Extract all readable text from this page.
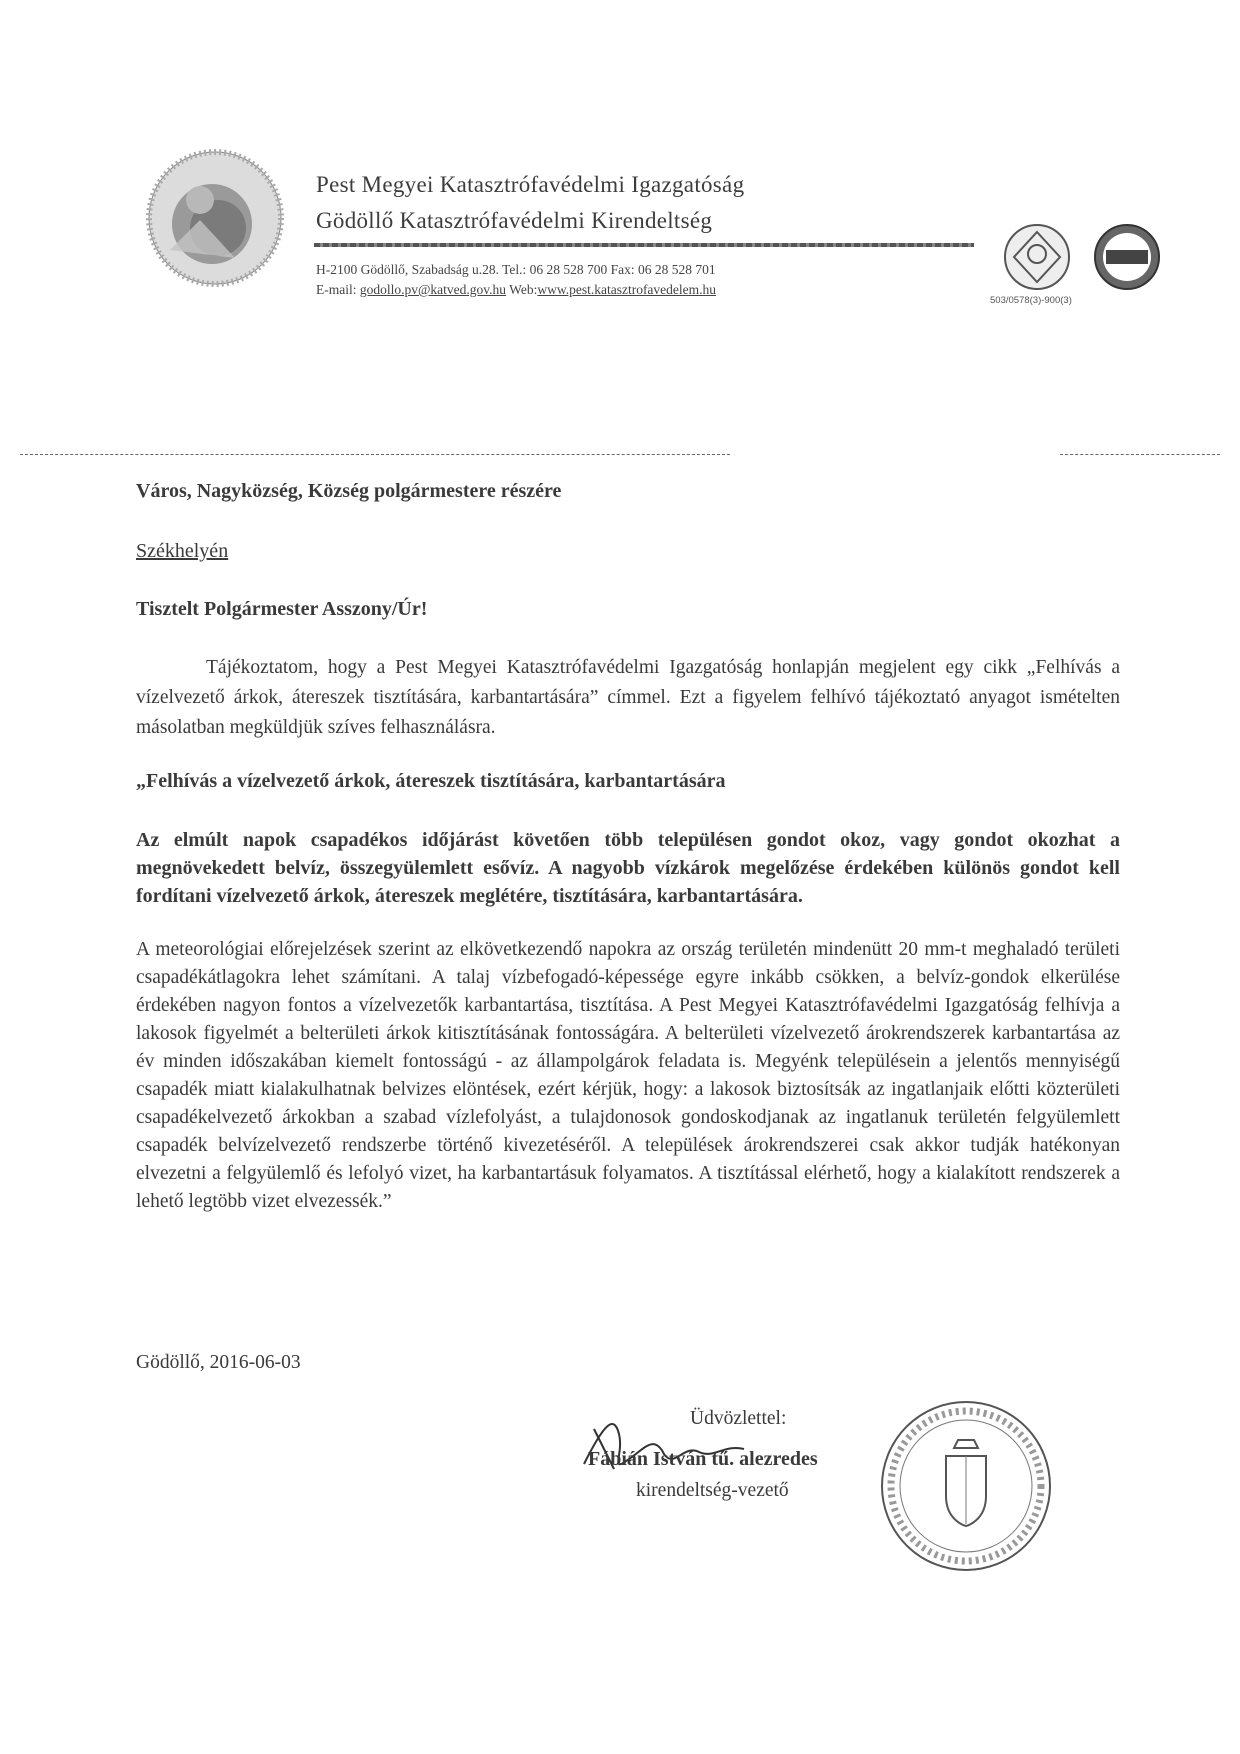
Pest Megyei Katasztrófavédelmi Igazgatóság
Gödöllő Katasztrófavédelmi Kirendeltség
H-2100 Gödöllő, Szabadság u.28. Tel.: 06 28 528 700 Fax: 06 28 528 701
E-mail: godollo.pv@katved.gov.hu Web:www.pest.katasztrofavedelem.hu
503/0578(3)-900(3)
Város, Nagyközség, Község polgármestere részére
Székhelyén
Tisztelt Polgármester Asszony/Úr!
Tájékoztatom, hogy a Pest Megyei Katasztrófavédelmi Igazgatóság honlapján megjelent egy cikk „Felhívás a vízelvezető árkok, átereszek tisztítására, karbantartására” címmel. Ezt a figyelem felhívó tájékoztató anyagot ismételten másolatban megküldjük szíves felhasználásra.
„Felhívás a vízelvezető árkok, átereszek tisztítására, karbantartására
Az elmúlt napok csapadékos időjárást követően több településen gondot okoz, vagy gondot okozhat a megnövekedett belvíz, összegyülemlett esővíz. A nagyobb vízkárok megelőzése érdekében különös gondot kell fordítani vízelvezető árkok, átereszek meglétére, tisztítására, karbantartására.
A meteorológiai előrejelzések szerint az elkövetkezendő napokra az ország területén mindenütt 20 mm-t meghaladó területi csapadékátlagokra lehet számítani. A talaj vízbefogadó-képessége egyre inkább csökken, a belvíz-gondok elkerülése érdekében nagyon fontos a vízelvezetők karbantartása, tisztítása. A Pest Megyei Katasztrófavédelmi Igazgatóság felhívja a lakosok figyelmét a belterületi árkok kitisztításának fontosságára. A belterületi vízelvezető árokrendszerek karbantartása az év minden időszakában kiemelt fontosságú - az állampolgárok feladata is. Megyénk településein a jelentős mennyiségű csapadék miatt kialakulhatnak belvizes elöntések, ezért kérjük, hogy: a lakosok biztosítsák az ingatlanjaik előtti közterületi csapadékelvezető árkokban a szabad vízlefolyást, a tulajdonosok gondoskodjanak az ingatlanuk területén felgyülemlett csapadék belvízelvezető rendszerbe történő kivezetéséről. A települések árokrendszerei csak akkor tudják hatékonyan elvezetni a felgyülemlő és lefolyó vizet, ha karbantartásuk folyamatos. A tisztítással elérhető, hogy a kialakított rendszerek a lehető legtöbb vizet elvezessék.”
Gödöllő, 2016-06-03
Üdvözlettel:
Fábián István tű. alezredes
kirendeltség-vezető
